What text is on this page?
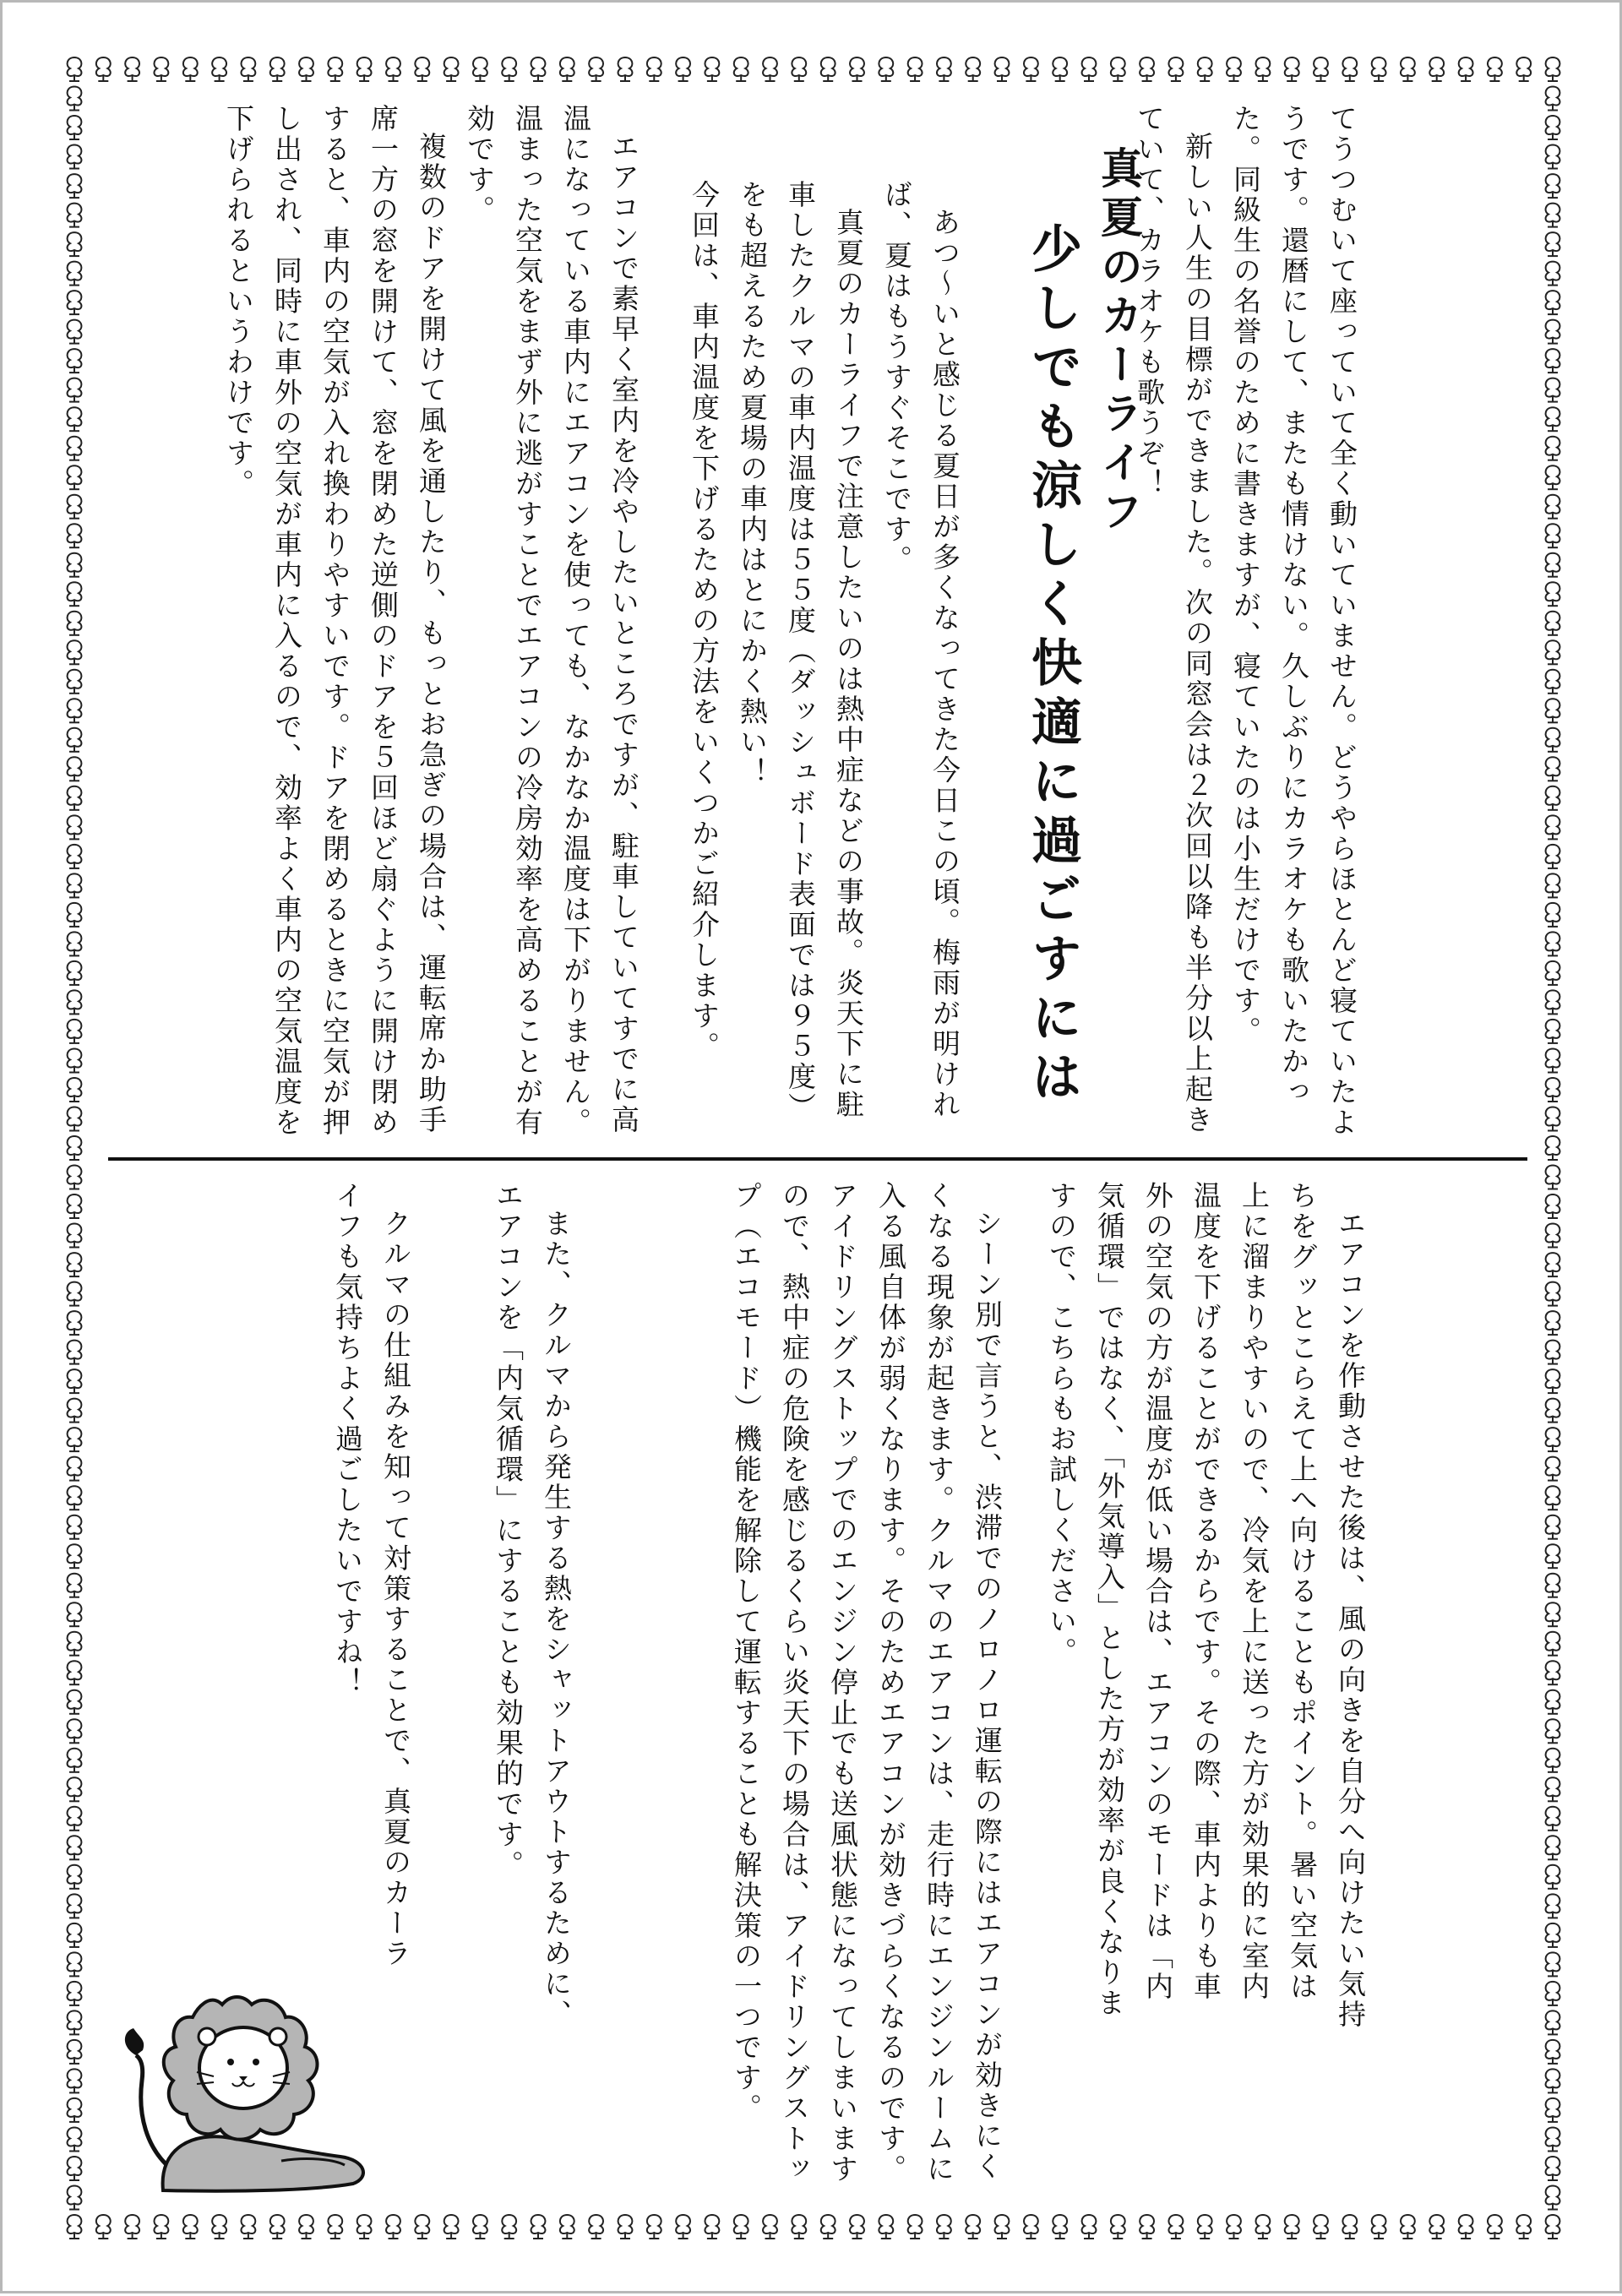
てうつむいて座っていて全く動いていません。どうやらほとんど寝ていたようです。還暦にして、またも情けない。久しぶりにカラオケも歌いたかった。同級生の名誉のために書きますが、寝ていたのは小生だけです。

新しい人生の目標ができました。次の同窓会は２次回以降も半分以上起きていて、カラオケも歌うぞ！

真夏のカーライフ
少しでも涼しく快適に過ごすには

あつ～いと感じる夏日が多くなってきた今日この頃。梅雨が明ければ、夏はもうすぐそこです。

真夏のカーライフで注意したいのは熱中症などの事故。炎天下に駐車したクルマの車内温度は５５度（ダッシュボード表面では９５度）をも超えるため夏場の車内はとにかく熱い！

今回は、車内温度を下げるための方法をいくつかご紹介します。

エアコンで素早く室内を冷やしたいところですが、駐車していてすでに高温になっている車内にエアコンを使っても、なかなか温度は下がりません。温まった空気をまず外に逃がすことでエアコンの冷房効率を高めることが有効です。

複数のドアを開けて風を通したり、もっとお急ぎの場合は、運転席か助手席一方の窓を開けて、窓を閉めた逆側のドアを５回ほど扇ぐように開け閉めすると、車内の空気が入れ換わりやすいです。ドアを閉めるときに空気が押し出され、同時に車外の空気が車内に入るので、効率よく車内の空気温度を下げられるというわけです。

エアコンを作動させた後は、風の向きを自分へ向けたい気持ちをグッとこらえて上へ向けることもポイント。暑い空気は上に溜まりやすいので、冷気を上に送った方が効果的に室内温度を下げることができるからです。その際、車内よりも車外の空気の方が温度が低い場合は、エアコンのモードは「内気循環」ではなく、「外気導入」とした方が効率が良くなりますので、こちらもお試しください。

シーン別で言うと、渋滞でのノロノロ運転の際にはエアコンが効きにくくなる現象が起きます。クルマのエアコンは、走行時にエンジンルームに入る風自体が弱くなります。そのためエアコンが効きづらくなるのです。アイドリングストップでのエンジン停止でも送風状態になってしまいますので、熱中症の危険を感じるくらい炎天下の場合は、アイドリングストップ（エコモード）機能を解除して運転することも解決策の一つです。

また、クルマから発生する熱をシャットアウトするために、エアコンを「内気循環」にすることも効果的です。

クルマの仕組みを知って対策することで、真夏のカーライフも気持ちよく過ごしたいですね！
